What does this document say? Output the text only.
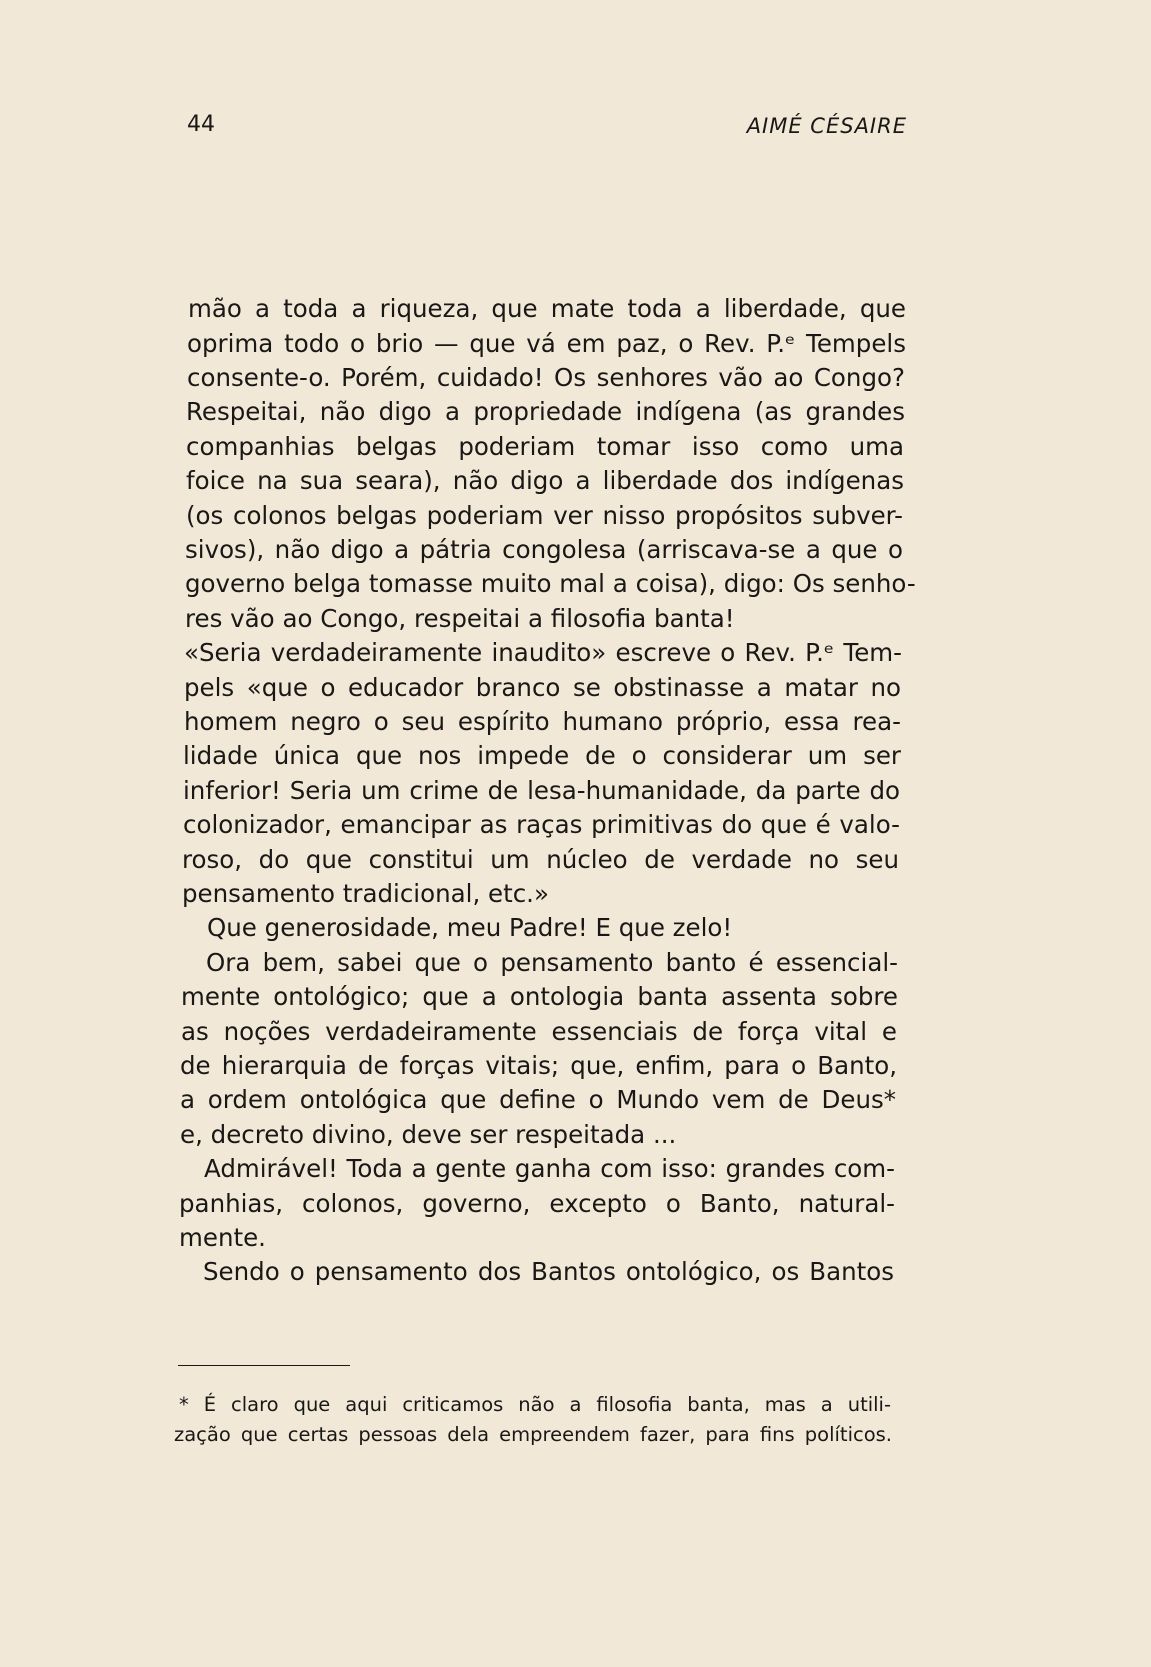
44	AIMÉ CÉSAIRE
mão a toda a riqueza, que mate toda a liberdade, que
oprima todo o brio — que vá em paz, o Rev. P.ᵉ Tempels
consente-o. Porém, cuidado! Os senhores vão ao Congo?
Respeitai, não digo a propriedade indígena (as grandes
companhias belgas poderiam tomar isso como uma
foice na sua seara), não digo a liberdade dos indígenas
(os colonos belgas poderiam ver nisso propósitos subver-
sivos), não digo a pátria congolesa (arriscava-se a que o
governo belga tomasse muito mal a coisa), digo: Os senho-
res vão ao Congo, respeitai a filosofia banta!
«Seria verdadeiramente inaudito» escreve o Rev. P.ᵉ Tem-
pels «que o educador branco se obstinasse a matar no
homem negro o seu espírito humano próprio, essa rea-
lidade única que nos impede de o considerar um ser
inferior! Seria um crime de lesa-humanidade, da parte do
colonizador, emancipar as raças primitivas do que é valo-
roso, do que constitui um núcleo de verdade no seu
pensamento tradicional, etc.»
Que generosidade, meu Padre! E que zelo!
Ora bem, sabei que o pensamento banto é essencial-
mente ontológico; que a ontologia banta assenta sobre
as noções verdadeiramente essenciais de força vital e
de hierarquia de forças vitais; que, enfim, para o Banto,
a ordem ontológica que define o Mundo vem de Deus*
e, decreto divino, deve ser respeitada ...
Admirável! Toda a gente ganha com isso: grandes com-
panhias, colonos, governo, excepto o Banto, natural-
mente.
Sendo o pensamento dos Bantos ontológico, os Bantos
* É claro que aqui criticamos não a filosofia banta, mas a utili-
zação que certas pessoas dela empreendem fazer, para fins políticos.
